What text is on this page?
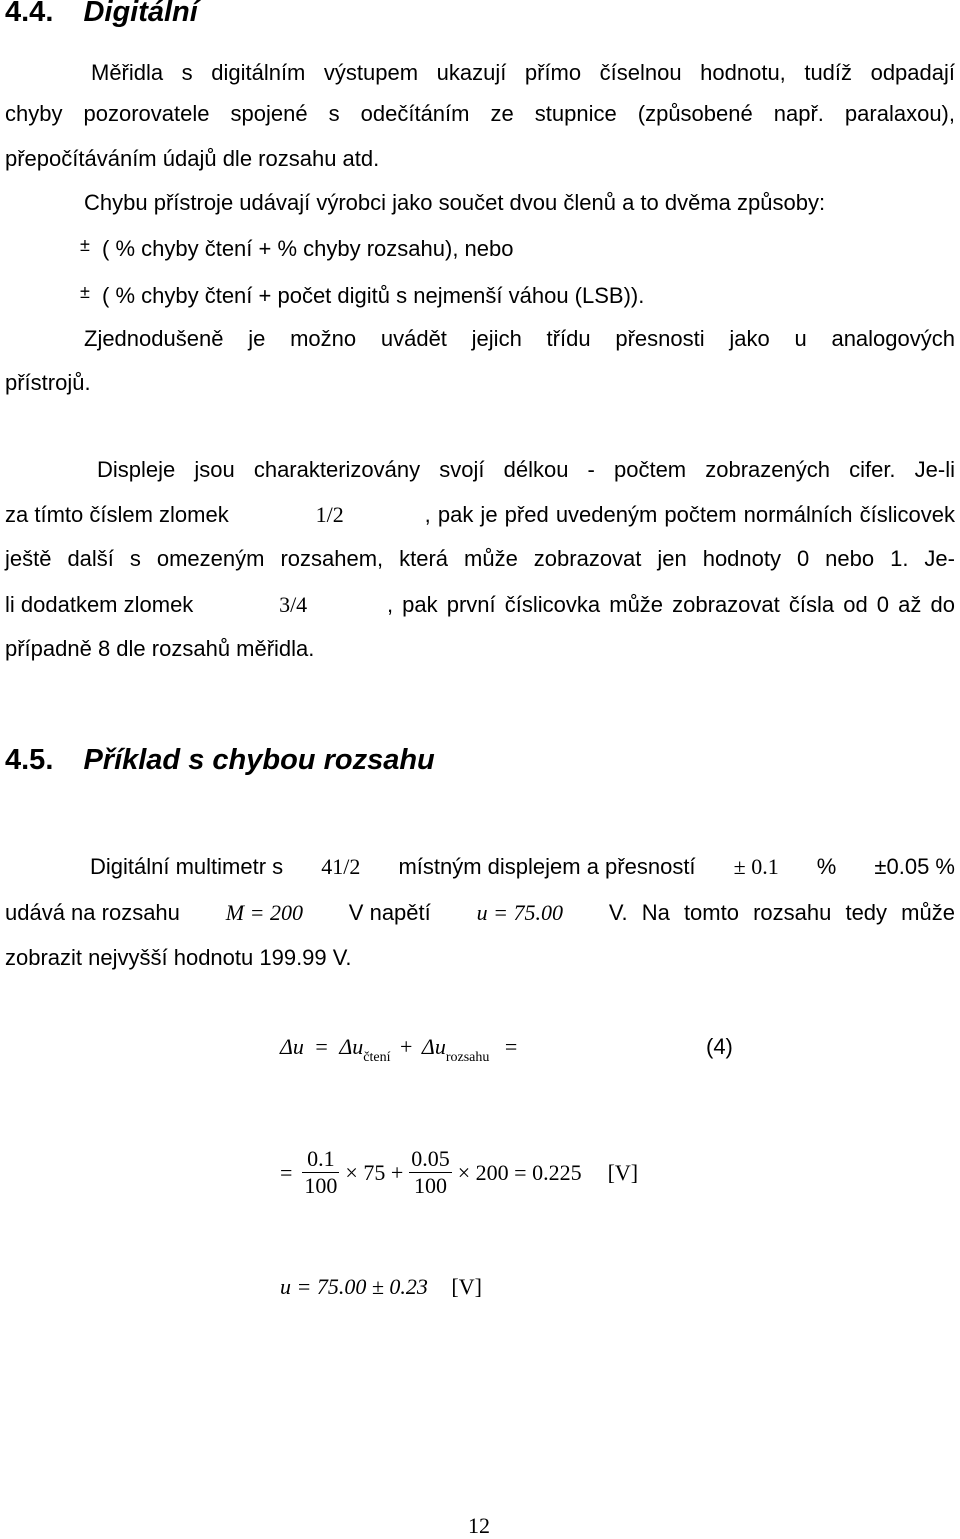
4.4. Digitální
Měřidla s digitálním výstupem ukazují přímo číselnou hodnotu, tudíž odpadají
chyby pozorovatele spojené s odečítáním ze stupnice (způsobené např. paralaxou),
přepočítáváním údajů dle rozsahu atd.
Chybu přístroje udávají výrobci jako součet dvou členů a to dvěma způsoby:
± ( % chyby čtení + % chyby rozsahu), nebo
± ( % chyby čtení + počet digitů s nejmenší váhou (LSB)).
Zjednodušeně je možno uvádět jejich třídu přesnosti jako u analogových
přístrojů.
Displeje jsou charakterizovány svojí délkou - počtem zobrazených cifer. Je-li
za tímto číslem zlomek	1/2	, pak je před uvedeným počtem normálních číslicovek
ještě další s omezeným rozsahem, která může zobrazovat jen hodnoty 0 nebo 1. Je-
li dodatkem zlomek	3/4	, pak první číslicovka může zobrazovat čísla od 0 až do
případně 8 dle rozsahů měřidla.
4.5. Příklad s chybou rozsahu
Digitální multimetr s 41/2 místným displejem a přesností ± 0.1 % ±0.05 %
udává na rozsahu M = 200 V napětí u = 75.00 V. Na tomto rozsahu tedy může
zobrazit nejvyšší hodnotu 199.99 V.
$\Delta u = \Delta u_{čtení} + \Delta u_{rozsahu}$ =	(4)
= $\frac{0.1}{100} \times 75 + \frac{0.05}{100} \times 200 = 0.225$ [V]
u = 75.00 ± 0.23 [V]
12
